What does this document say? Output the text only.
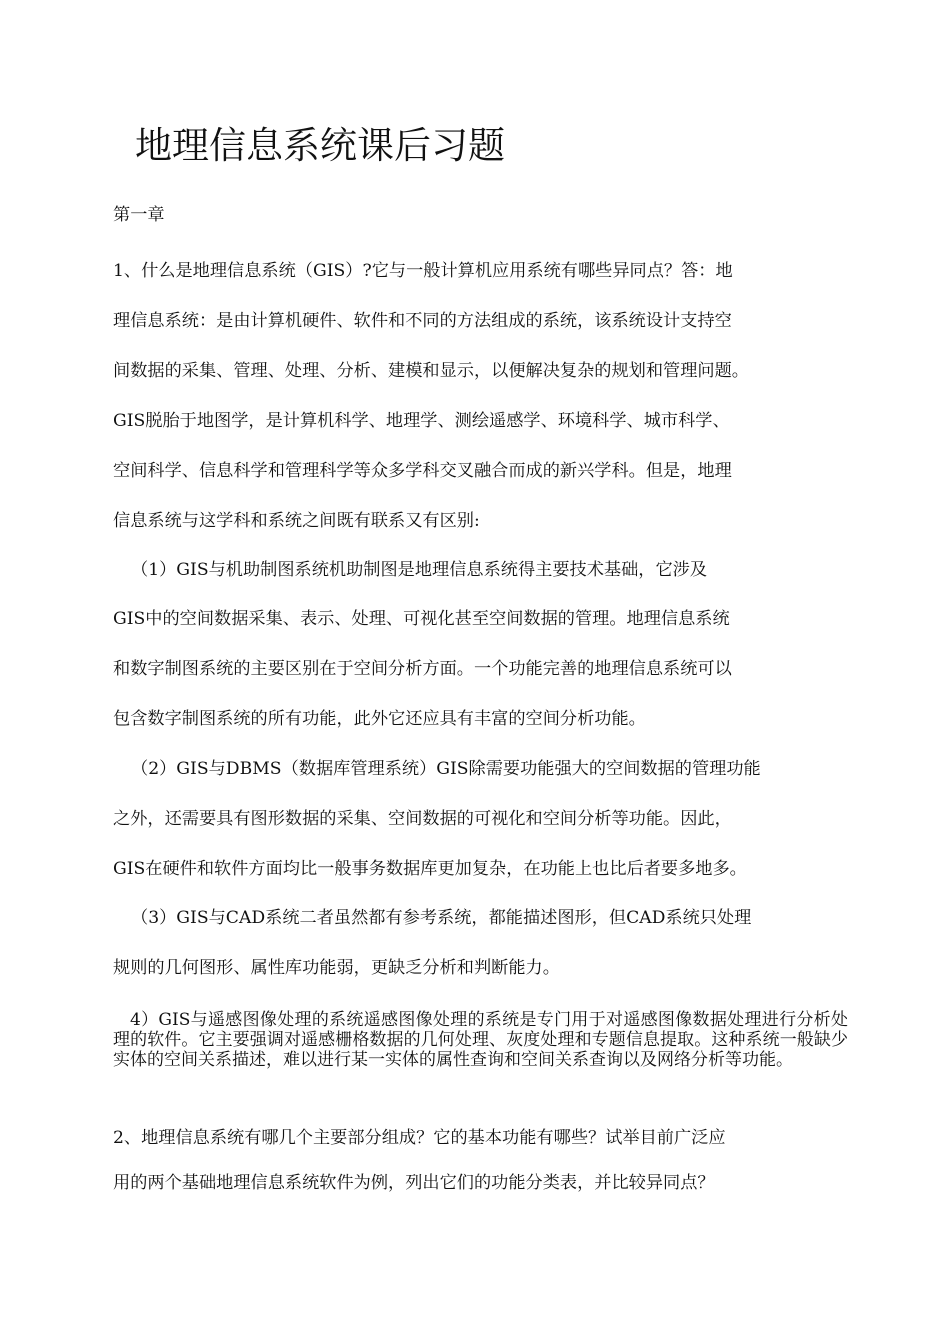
地理信息系统课后习题
第一章
1、什么是地理信息系统（GIS）?它与一般计算机应用系统有哪些异同点？答：地
理信息系统：是由计算机硬件、软件和不同的方法组成的系统，该系统设计支持空
间数据的采集、管理、处理、分析、建模和显示，以便解决复杂的规划和管理问题。
GIS脱胎于地图学，是计算机科学、地理学、测绘遥感学、环境科学、城市科学、
空间科学、信息科学和管理科学等众多学科交叉融合而成的新兴学科。但是，地理
信息系统与这学科和系统之间既有联系又有区别:
（1）GIS与机助制图系统机助制图是地理信息系统得主要技术基础，它涉及
GIS中的空间数据采集、表示、处理、可视化甚至空间数据的管理。地理信息系统
和数字制图系统的主要区别在于空间分析方面。一个功能完善的地理信息系统可以
包含数字制图系统的所有功能，此外它还应具有丰富的空间分析功能。
（2）GIS与DBMS（数据库管理系统）GIS除需要功能强大的空间数据的管理功能
之外，还需要具有图形数据的采集、空间数据的可视化和空间分析等功能。因此，
GIS在硬件和软件方面均比一般事务数据库更加复杂，在功能上也比后者要多地多。
（3）GIS与CAD系统二者虽然都有参考系统，都能描述图形，但CAD系统只处理
规则的几何图形、属性库功能弱，更缺乏分析和判断能力。
4）GIS与遥感图像处理的系统遥感图像处理的系统是专门用于对遥感图像数据处理进行分析处理的软件。它主要强调对遥感栅格数据的几何处理、灰度处理和专题信息提取。这种系统一般缺少实体的空间关系描述，难以进行某一实体的属性查询和空间关系查询以及网络分析等功能。
2、地理信息系统有哪几个主要部分组成？它的基本功能有哪些？试举目前广泛应
用的两个基础地理信息系统软件为例，列出它们的功能分类表，并比较异同点？
